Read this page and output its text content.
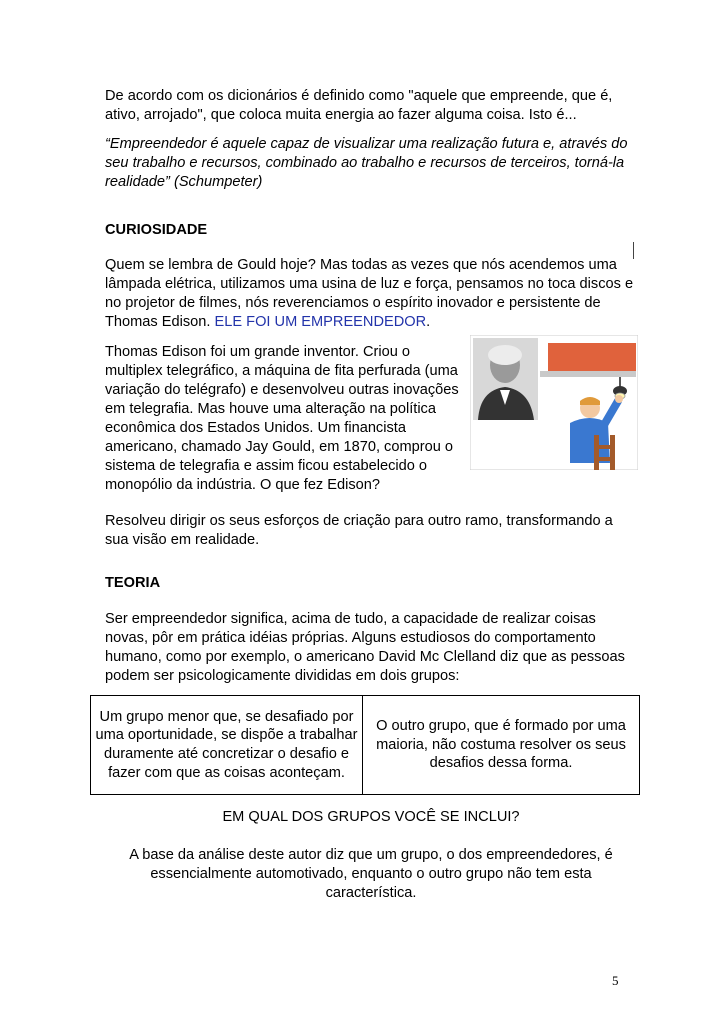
De acordo com os dicionários é definido como "aquele que empreende, que é, ativo, arrojado", que coloca muita energia ao fazer alguma coisa. Isto é...

“Empreendedor é aquele capaz de visualizar uma realização futura e, através do seu trabalho e recursos, combinado ao trabalho e recursos de terceiros, torná-la realidade” (Schumpeter)

CURIOSIDADE

Quem se lembra de Gould hoje? Mas todas as vezes que nós acendemos uma lâmpada elétrica, utilizamos uma usina de luz e força, pensamos no toca discos e no projetor de filmes, nós reverenciamos o espírito inovador e persistente de Thomas Edison. ELE FOI UM EMPREENDEDOR.

Thomas Edison foi um grande inventor. Criou o multiplex telegráfico, a máquina de fita perfurada (uma variação do telégrafo) e desenvolveu outras inovações em telegrafia. Mas houve uma alteração na política econômica dos Estados Unidos. Um financista americano, chamado Jay Gould, em 1870, comprou o sistema de telegrafia e assim ficou estabelecido o monopólio da indústria. O que fez Edison?

Resolveu dirigir os seus esforços de criação para outro ramo, transformando a sua visão em realidade.

TEORIA

Ser empreendedor significa, acima de tudo, a capacidade de realizar coisas novas, pôr em prática idéias próprias. Alguns estudiosos do comportamento humano, como por exemplo, o americano David Mc Clelland diz que as pessoas podem ser psicologicamente divididas em dois grupos:

Um grupo menor que, se desafiado por uma oportunidade, se dispõe a trabalhar duramente até concretizar o desafio e fazer com que as coisas aconteçam.
O outro grupo, que é formado por uma maioria, não costuma resolver os seus desafios dessa forma.

EM QUAL DOS GRUPOS VOCÊ SE INCLUI?

A base da análise deste autor diz que um grupo, o dos empreendedores, é essencialmente automotivado, enquanto o outro grupo não tem esta característica.

5
